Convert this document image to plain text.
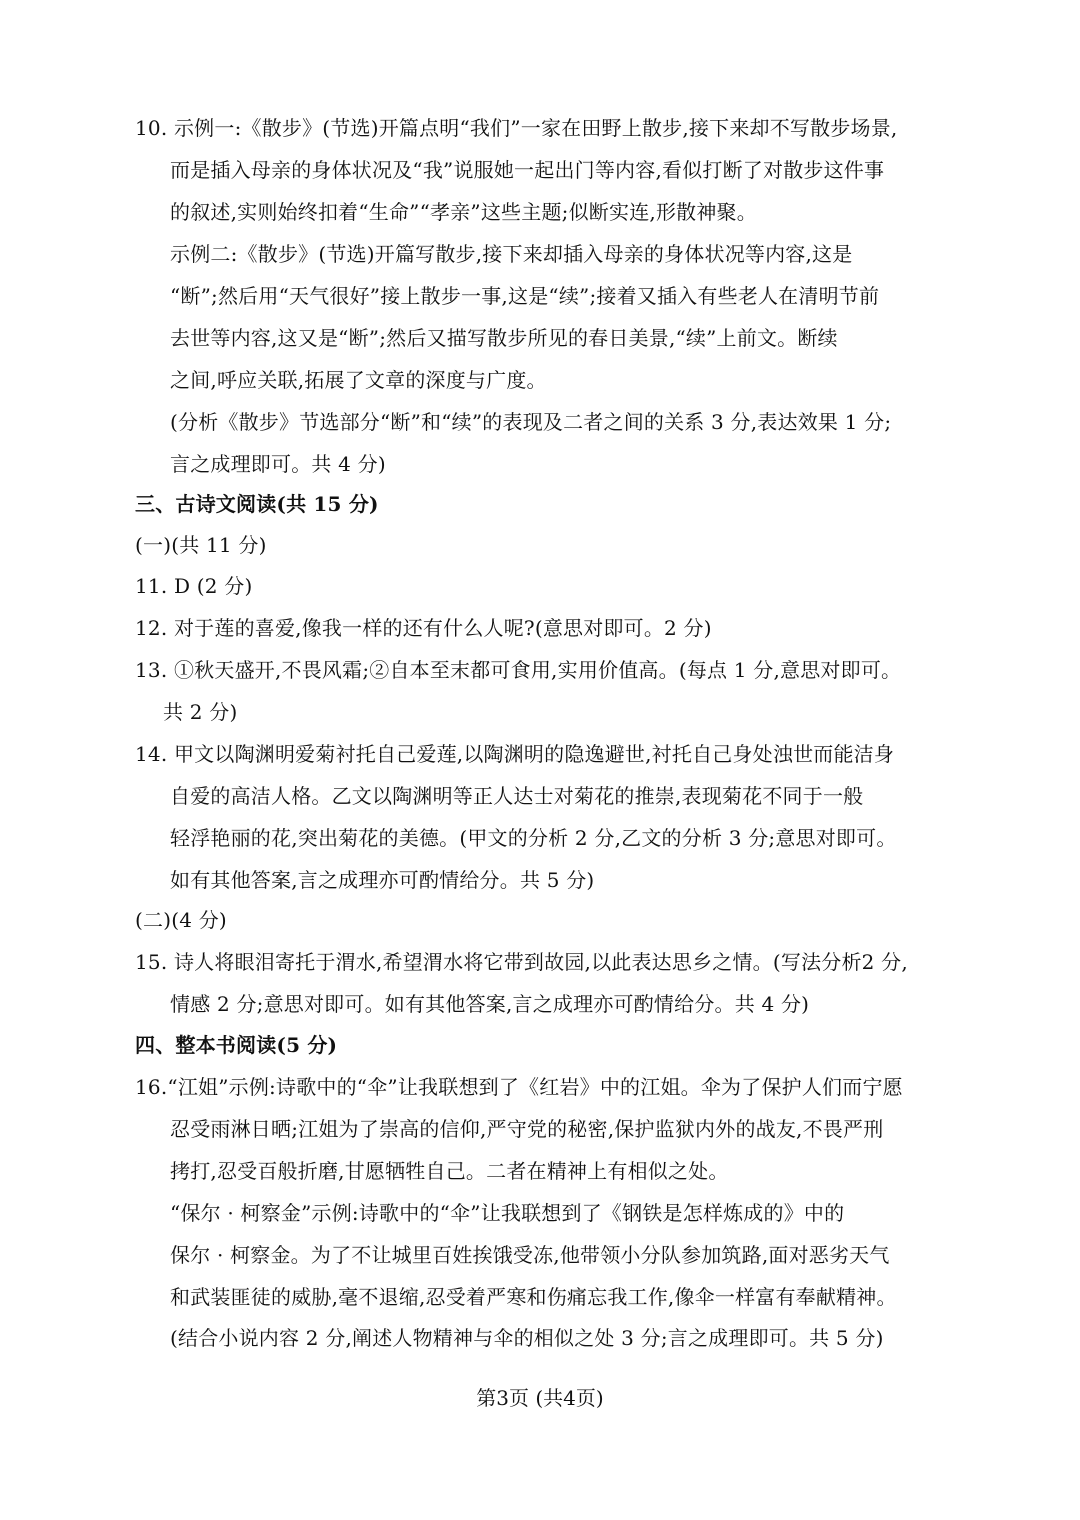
10. 示例一:《散步》(节选)开篇点明“我们”一家在田野上散步,接下来却不写散步场景,
而是插入母亲的身体状况及“我”说服她一起出门等内容,看似打断了对散步这件事
的叙述,实则始终扣着“生命”“孝亲”这些主题;似断实连,形散神聚。
示例二:《散步》(节选)开篇写散步,接下来却插入母亲的身体状况等内容,这是
“断”;然后用“天气很好”接上散步一事,这是“续”;接着又插入有些老人在清明节前
去世等内容,这又是“断”;然后又描写散步所见的春日美景,“续”上前文。断续
之间,呼应关联,拓展了文章的深度与广度。
(分析《散步》节选部分“断”和“续”的表现及二者之间的关系 3 分,表达效果 1 分;
言之成理即可。共 4 分)
三、古诗文阅读(共 15 分)
(一)(共 11 分)
11. D (2 分)
12. 对于莲的喜爱,像我一样的还有什么人呢?(意思对即可。2 分)
13. ①秋天盛开,不畏风霜;②自本至末都可食用,实用价值高。(每点 1 分,意思对即可。
共 2 分)
14. 甲文以陶渊明爱菊衬托自己爱莲,以陶渊明的隐逸避世,衬托自己身处浊世而能洁身
自爱的高洁人格。乙文以陶渊明等正人达士对菊花的推崇,表现菊花不同于一般
轻浮艳丽的花,突出菊花的美德。(甲文的分析 2 分,乙文的分析 3 分;意思对即可。
如有其他答案,言之成理亦可酌情给分。共 5 分)
(二)(4 分)
15. 诗人将眼泪寄托于渭水,希望渭水将它带到故园,以此表达思乡之情。(写法分析2 分,
情感 2 分;意思对即可。如有其他答案,言之成理亦可酌情给分。共 4 分)
四、整本书阅读(5 分)
16.“江姐”示例:诗歌中的“伞”让我联想到了《红岩》中的江姐。伞为了保护人们而宁愿
忍受雨淋日晒;江姐为了崇高的信仰,严守党的秘密,保护监狱内外的战友,不畏严刑
拷打,忍受百般折磨,甘愿牺牲自己。二者在精神上有相似之处。
“保尔 · 柯察金”示例:诗歌中的“伞”让我联想到了《钢铁是怎样炼成的》中的
保尔 · 柯察金。为了不让城里百姓挨饿受冻,他带领小分队参加筑路,面对恶劣天气
和武装匪徒的威胁,毫不退缩,忍受着严寒和伤痛忘我工作,像伞一样富有奉献精神。
(结合小说内容 2 分,阐述人物精神与伞的相似之处 3 分;言之成理即可。共 5 分)
第3页 (共4页)
